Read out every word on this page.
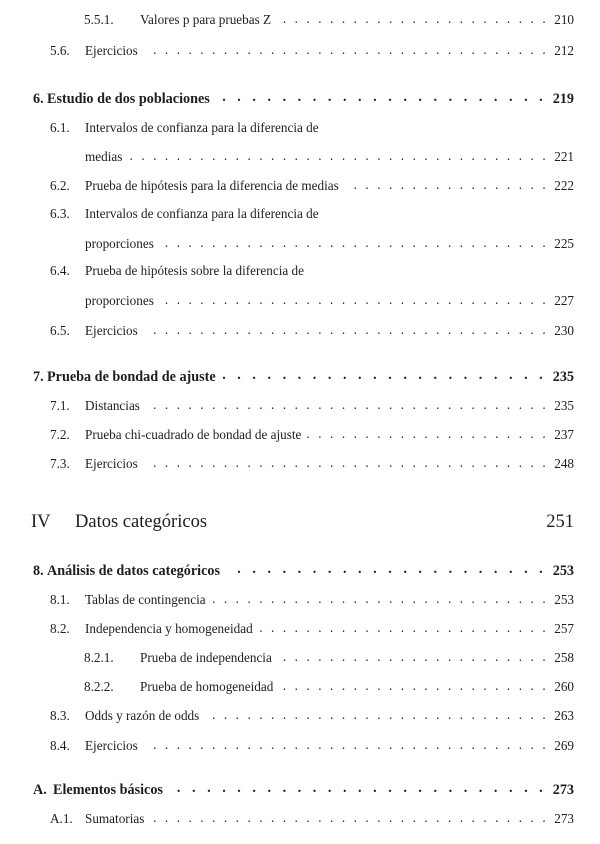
5.5.1.	Valores p para pruebas Z . . .	210
5.6.	Ejercicios . . .	212
6. Estudio de dos poblaciones . . .	219
6.1.	Intervalos de confianza para la diferencia de
medias . . .	221
6.2.	Prueba de hipótesis para la diferencia de medias . . .	222
6.3.	Intervalos de confianza para la diferencia de
proporciones . . .	225
6.4.	Prueba de hipótesis sobre la diferencia de
proporciones . . .	227
6.5.	Ejercicios . . .	230
7. Prueba de bondad de ajuste . . .	235
7.1.	Distancias . . .	235
7.2.	Prueba chi-cuadrado de bondad de ajuste . . .	237
7.3.	Ejercicios . . .	248
IV	Datos categóricos	251
8. Análisis de datos categóricos . . .	253
8.1.	Tablas de contingencia . . .	253
8.2.	Independencia y homogeneidad . . .	257
8.2.1.	Prueba de independencia . . .	258
8.2.2.	Prueba de homogeneidad . . .	260
8.3.	Odds y razón de odds . . .	263
8.4.	Ejercicios . . .	269
A. Elementos básicos . . .	273
A.1. Sumatorias . . .	273
